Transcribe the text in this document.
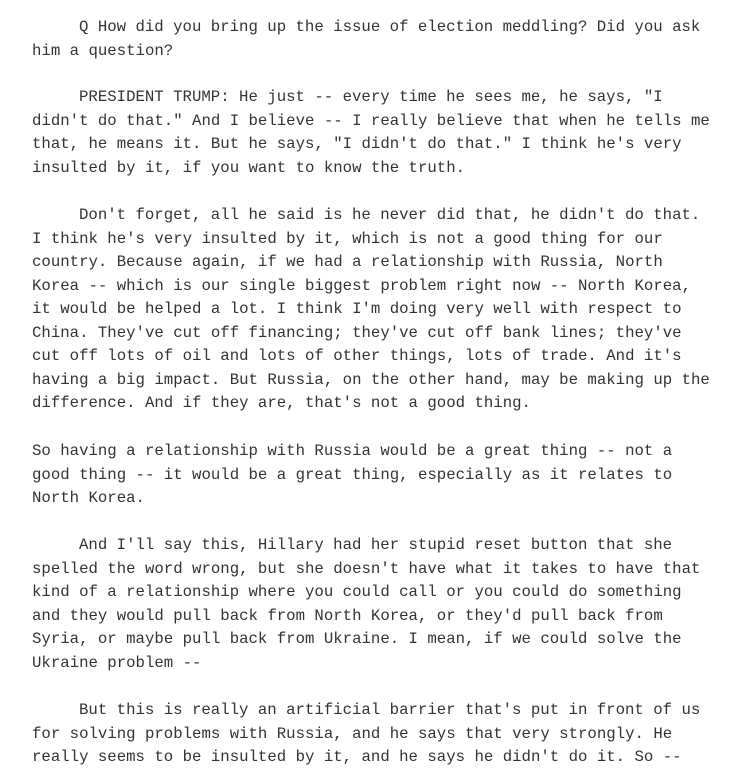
Q How did you bring up the issue of election meddling? Did you ask
him a question?
PRESIDENT TRUMP: He just -- every time he sees me, he says, "I
didn't do that." And I believe -- I really believe that when he tells me
that, he means it. But he says, "I didn't do that." I think he's very
insulted by it, if you want to know the truth.
Don't forget, all he said is he never did that, he didn't do that.
I think he's very insulted by it, which is not a good thing for our
country. Because again, if we had a relationship with Russia, North
Korea -- which is our single biggest problem right now -- North Korea,
it would be helped a lot. I think I'm doing very well with respect to
China. They've cut off financing; they've cut off bank lines; they've
cut off lots of oil and lots of other things, lots of trade. And it's
having a big impact. But Russia, on the other hand, may be making up the
difference. And if they are, that's not a good thing.
So having a relationship with Russia would be a great thing -- not a
good thing -- it would be a great thing, especially as it relates to
North Korea.
And I'll say this, Hillary had her stupid reset button that she
spelled the word wrong, but she doesn't have what it takes to have that
kind of a relationship where you could call or you could do something
and they would pull back from North Korea, or they'd pull back from
Syria, or maybe pull back from Ukraine. I mean, if we could solve the
Ukraine problem --
But this is really an artificial barrier that's put in front of us
for solving problems with Russia, and he says that very strongly. He
really seems to be insulted by it, and he says he didn't do it. So --
